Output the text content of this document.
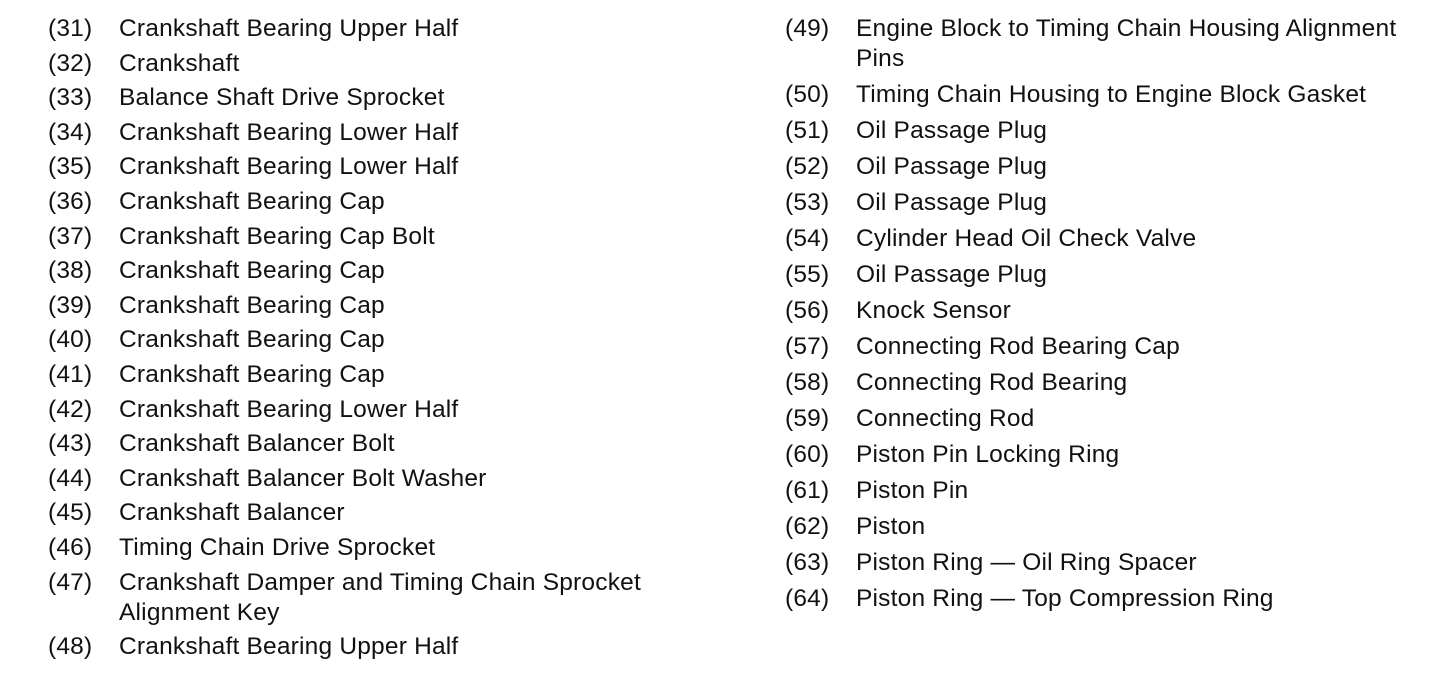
(31)	Crankshaft Bearing Upper Half
(32)	Crankshaft
(33)	Balance Shaft Drive Sprocket
(34)	Crankshaft Bearing Lower Half
(35)	Crankshaft Bearing Lower Half
(36)	Crankshaft Bearing Cap
(37)	Crankshaft Bearing Cap Bolt
(38)	Crankshaft Bearing Cap
(39)	Crankshaft Bearing Cap
(40)	Crankshaft Bearing Cap
(41)	Crankshaft Bearing Cap
(42)	Crankshaft Bearing Lower Half
(43)	Crankshaft Balancer Bolt
(44)	Crankshaft Balancer Bolt Washer
(45)	Crankshaft Balancer
(46)	Timing Chain Drive Sprocket
(47)	Crankshaft Damper and Timing Chain Sprocket Alignment Key
(48)	Crankshaft Bearing Upper Half
(49)	Engine Block to Timing Chain Housing Alignment Pins
(50)	Timing Chain Housing to Engine Block Gasket
(51)	Oil Passage Plug
(52)	Oil Passage Plug
(53)	Oil Passage Plug
(54)	Cylinder Head Oil Check Valve
(55)	Oil Passage Plug
(56)	Knock Sensor
(57)	Connecting Rod Bearing Cap
(58)	Connecting Rod Bearing
(59)	Connecting Rod
(60)	Piston Pin Locking Ring
(61)	Piston Pin
(62)	Piston
(63)	Piston Ring — Oil Ring Spacer
(64)	Piston Ring — Top Compression Ring
